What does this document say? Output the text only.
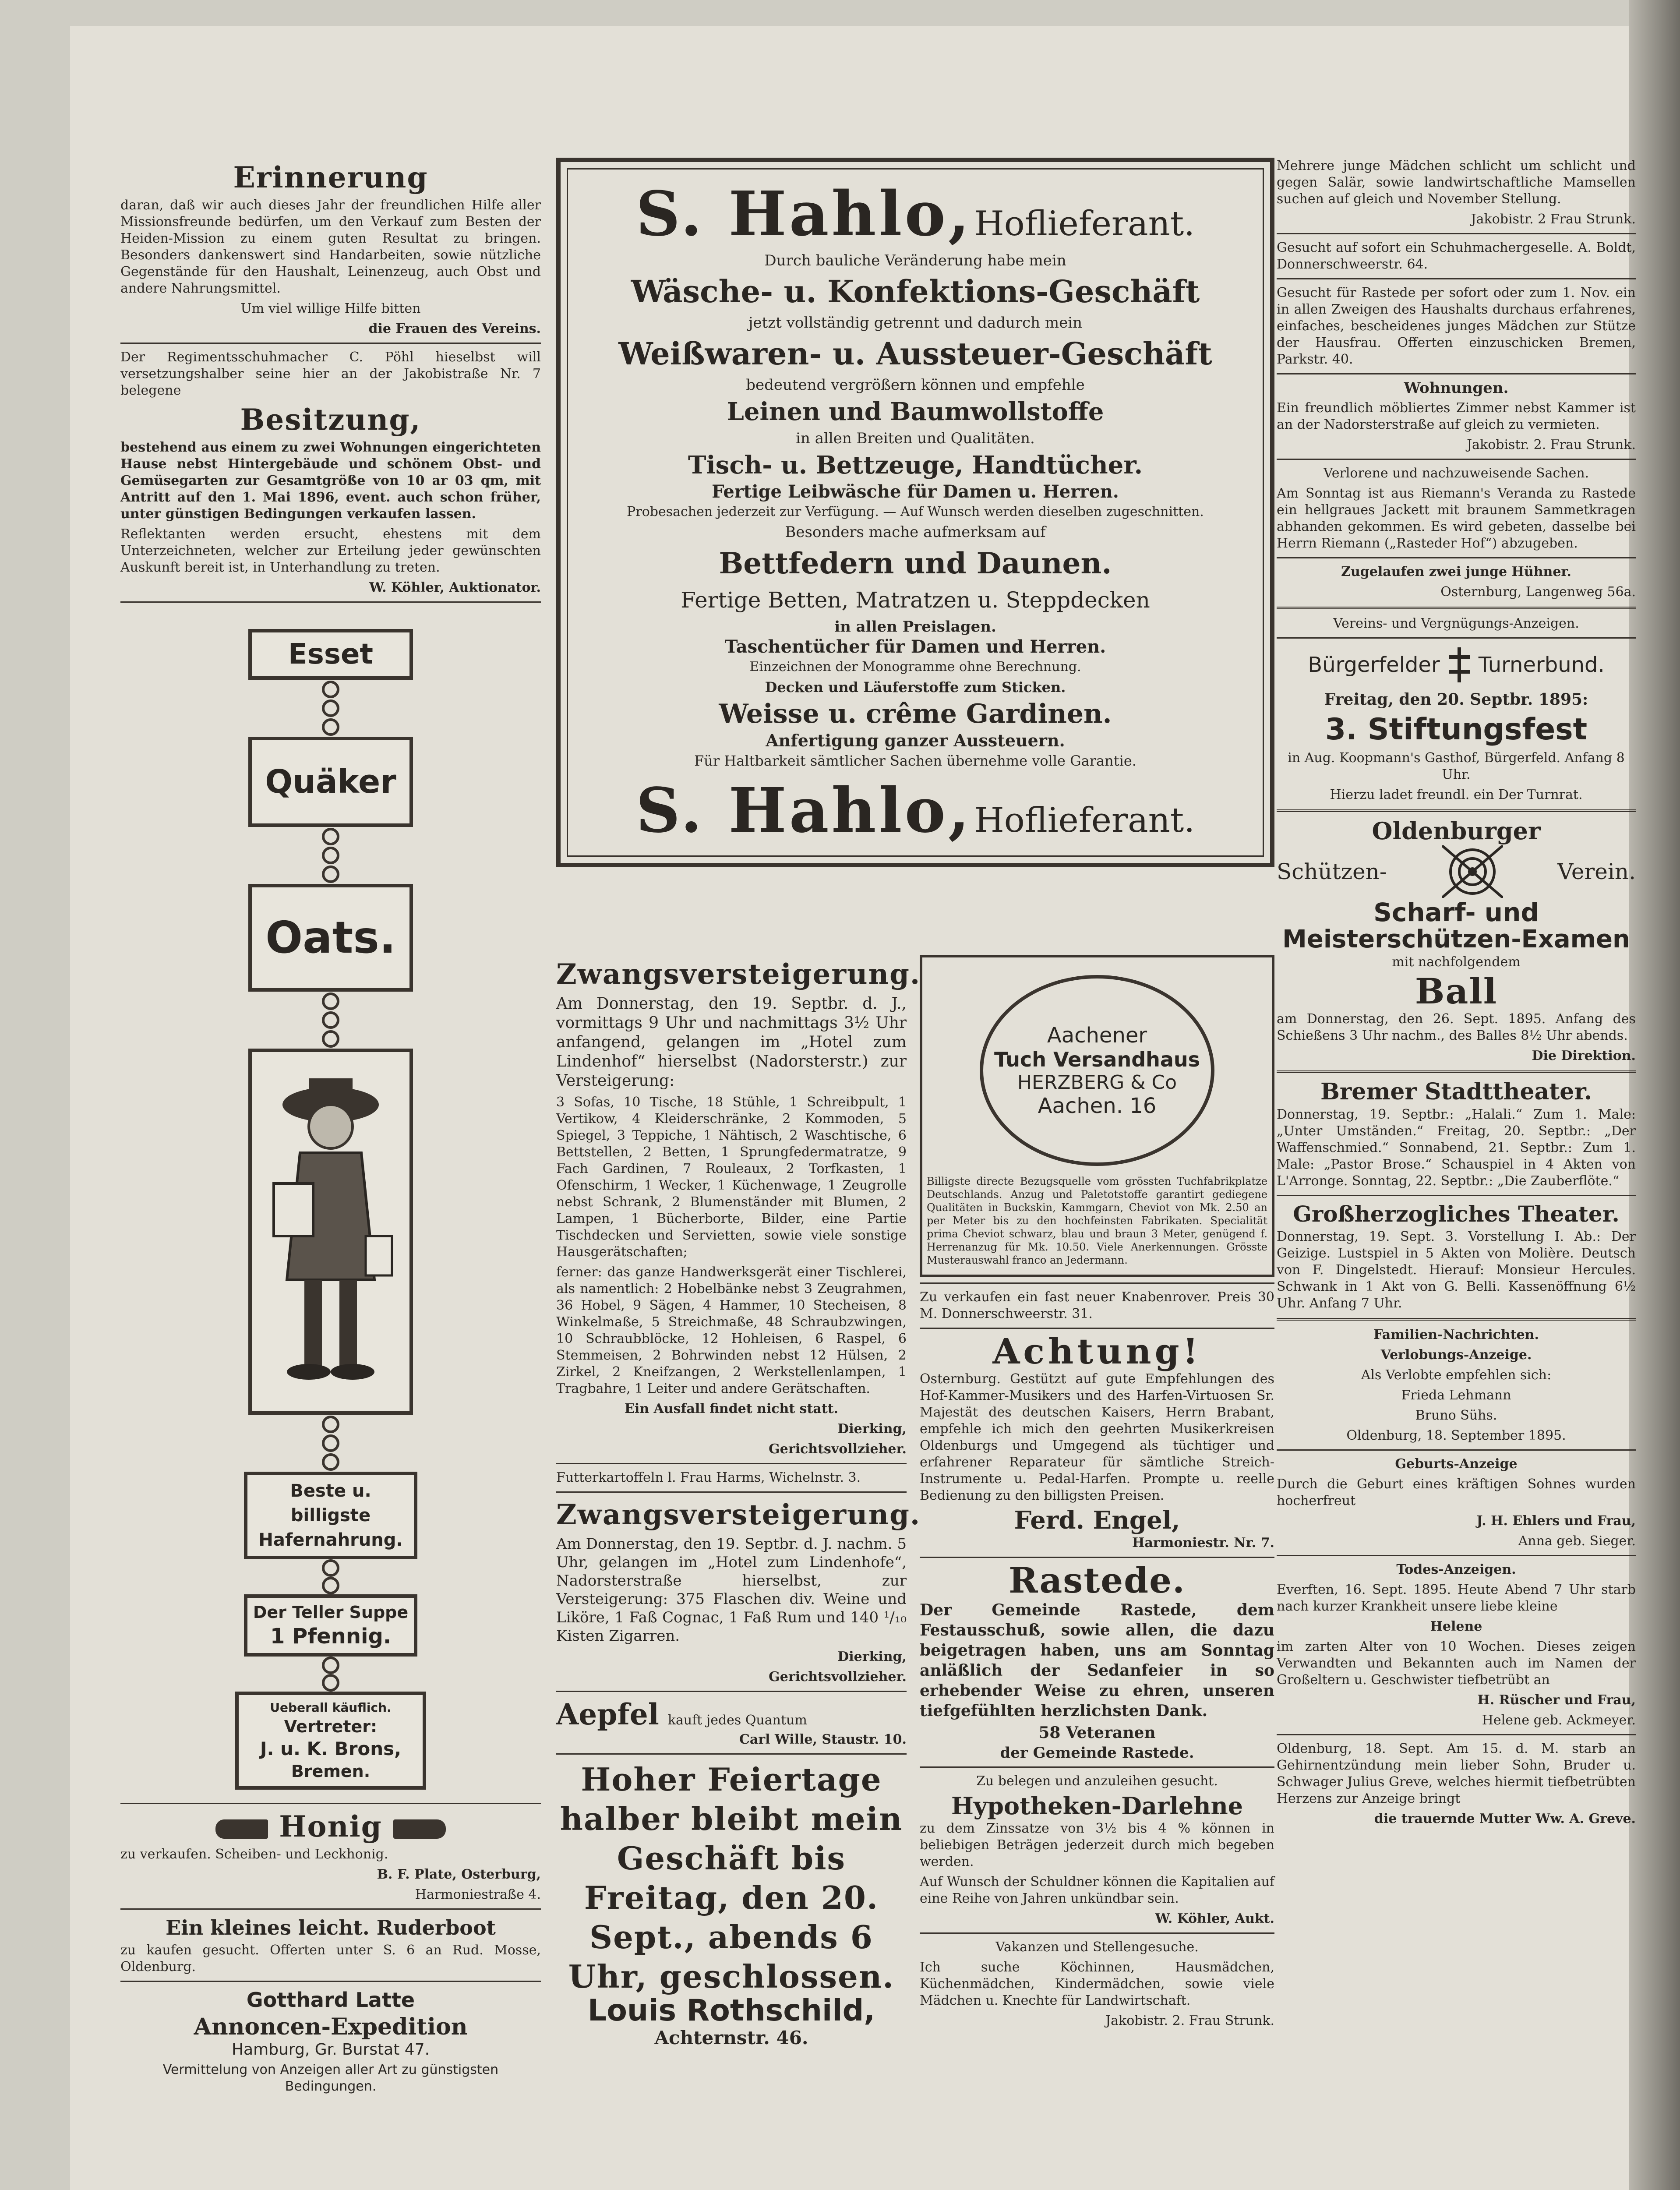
Erinnerung

daran, daß wir auch dieses Jahr der freundlichen Hilfe aller Missionsfreunde bedürfen, um den Verkauf zum Besten der Heiden-Mission zu einem guten Resultat zu bringen. Besonders dankenswert sind Handarbeiten, sowie nützliche Gegenstände für den Haushalt, Leinenzeug, auch Obst und andere Nahrungsmittel.

Um viel willige Hilfe bitten

die Frauen des Vereins.

Der Regimentsschuhmacher C. Pöhl hieselbst will versetzungshalber seine hier an der Jakobistraße Nr. 7 belegene

Besitzung,

bestehend aus einem zu zwei Wohnungen eingerichteten Hause nebst Hintergebäude und schönem Obst- und Gemüsegarten zur Gesamtgröße von 10 ar 03 qm, mit Antritt auf den 1. Mai 1896, event. auch schon früher, unter günstigen Bedingungen verkaufen lassen.

Reflektanten werden ersucht, ehestens mit dem Unterzeichneten, welcher zur Erteilung jeder gewünschten Auskunft bereit ist, in Unterhandlung zu treten.

W. Köhler, Auktionator.

Esset
Quäker
Oats.
Beste u. billigste Hafernahrung.
Der Teller Suppe
1 Pfennig.
Ueberall käuflich.
Vertreter:
J. u. K. Brons,
Bremen.
Honig

zu verkaufen. Scheiben- und Leckhonig.

B. F. Plate, Osterburg,

Harmoniestraße 4.

Ein kleines leicht. Ruderboot

zu kaufen gesucht. Offerten unter S. 6 an Rud. Mosse, Oldenburg.

Gotthard Latte
Annoncen-Expedition

Hamburg, Gr. Burstat 47.

Vermittelung von Anzeigen aller Art zu günstigsten Bedingungen.

S. Hahlo, Hoflieferant.
Durch bauliche Veränderung habe mein
Wäsche- u. Konfektions-Geschäft
jetzt vollständig getrennt und dadurch mein
Weißwaren- u. Aussteuer-Geschäft
bedeutend vergrößern können und empfehle
Leinen und Baumwollstoffe
in allen Breiten und Qualitäten.
Tisch- u. Bettzeuge, Handtücher.
Fertige Leibwäsche für Damen u. Herren.
Probesachen jederzeit zur Verfügung. — Auf Wunsch werden dieselben zugeschnitten.
Besonders mache aufmerksam auf
Bettfedern und Daunen.
Fertige Betten, Matratzen u. Steppdecken
in allen Preislagen.
Taschentücher für Damen und Herren.
Einzeichnen der Monogramme ohne Berechnung.
Decken und Läuferstoffe zum Sticken.
Weisse u. crême Gardinen.
Anfertigung ganzer Aussteuern.
Für Haltbarkeit sämtlicher Sachen übernehme volle Garantie.
S. Hahlo, Hoflieferant.
Zwangsversteigerung.

Am Donnerstag, den 19. Septbr. d. J., vormittags 9 Uhr und nachmittags 3½ Uhr anfangend, gelangen im „Hotel zum Lindenhof“ hierselbst (Nadorsterstr.) zur Versteigerung:

3 Sofas, 10 Tische, 18 Stühle, 1 Schreibpult, 1 Vertikow, 4 Kleiderschränke, 2 Kommoden, 5 Spiegel, 3 Teppiche, 1 Nähtisch, 2 Waschtische, 6 Bettstellen, 2 Betten, 1 Sprungfedermatratze, 9 Fach Gardinen, 7 Rouleaux, 2 Torfkasten, 1 Ofenschirm, 1 Wecker, 1 Küchenwage, 1 Zeugrolle nebst Schrank, 2 Blumenständer mit Blumen, 2 Lampen, 1 Bücherborte, Bilder, eine Partie Tischdecken und Servietten, sowie viele sonstige Hausgerätschaften;

ferner: das ganze Handwerksgerät einer Tischlerei, als namentlich: 2 Hobelbänke nebst 3 Zeugrahmen, 36 Hobel, 9 Sägen, 4 Hammer, 10 Stecheisen, 8 Winkelmaße, 5 Streichmaße, 48 Schraubzwingen, 10 Schraubblöcke, 12 Hohleisen, 6 Raspel, 6 Stemmeisen, 2 Bohrwinden nebst 12 Hülsen, 2 Zirkel, 2 Kneifzangen, 2 Werkstellenlampen, 1 Tragbahre, 1 Leiter und andere Gerätschaften.

Ein Ausfall findet nicht statt.

Dierking,

Gerichtsvollzieher.

Futterkartoffeln l. Frau Harms, Wichelnstr. 3.

Zwangsversteigerung.

Am Donnerstag, den 19. Septbr. d. J. nachm. 5 Uhr, gelangen im „Hotel zum Lindenhofe“, Nadorsterstraße hierselbst, zur Versteigerung: 375 Flaschen div. Weine und Liköre, 1 Faß Cognac, 1 Faß Rum und 140 ¹/₁₀ Kisten Zigarren.

Dierking,

Gerichtsvollzieher.

Aepfel kauft jedes Quantum

Carl Wille, Staustr. 10.

Hoher Feiertage halber bleibt mein Geschäft bis Freitag, den 20. Sept., abends 6 Uhr, geschlossen.
Louis Rothschild,
Achternstr. 46.
Aachener
Tuch Versandhaus
HERZBERG & Co
Aachen. 16

Billigste directe Bezugsquelle vom grössten Tuchfabrikplatze Deutschlands. Anzug und Paletotstoffe garantirt gediegene Qualitäten in Buckskin, Kammgarn, Cheviot von Mk. 2.50 an per Meter bis zu den hochfeinsten Fabrikaten. Specialität prima Cheviot schwarz, blau und braun 3 Meter, genügend f. Herrenanzug für Mk. 10.50. Viele Anerkennungen. Grösste Musterauswahl franco an Jedermann.

Zu verkaufen ein fast neuer Knabenrover. Preis 30 M. Donnerschweerstr. 31.

Achtung!

Osternburg. Gestützt auf gute Empfehlungen des Hof-Kammer-Musikers und des Harfen-Virtuosen Sr. Majestät des deutschen Kaisers, Herrn Brabant, empfehle ich mich den geehrten Musikerkreisen Oldenburgs und Umgegend als tüchtiger und erfahrener Reparateur für sämtliche Streich-Instrumente u. Pedal-Harfen. Prompte u. reelle Bedienung zu den billigsten Preisen.

Ferd. Engel,

Harmoniestr. Nr. 7.

Rastede.

Der Gemeinde Rastede, dem Festausschuß, sowie allen, die dazu beigetragen haben, uns am Sonntag anläßlich der Sedanfeier in so erhebender Weise zu ehren, unseren tiefgefühlten herzlichsten Dank.

58 Veteranen

der Gemeinde Rastede.

Zu belegen und anzuleihen gesucht.

Hypotheken-Darlehne

zu dem Zinssatze von 3½ bis 4 % können in beliebigen Beträgen jederzeit durch mich begeben werden.

Auf Wunsch der Schuldner können die Kapitalien auf eine Reihe von Jahren unkündbar sein.

W. Köhler, Aukt.

Vakanzen und Stellengesuche.

Ich suche Köchinnen, Hausmädchen, Küchenmädchen, Kindermädchen, sowie viele Mädchen u. Knechte für Landwirtschaft.

Jakobistr. 2. Frau Strunk.

Mehrere junge Mädchen schlicht um schlicht und gegen Salär, sowie landwirtschaftliche Mamsellen suchen auf gleich und November Stellung.

Jakobistr. 2 Frau Strunk.

Gesucht auf sofort ein Schuhmachergeselle. A. Boldt, Donnerschweerstr. 64.

Gesucht für Rastede per sofort oder zum 1. Nov. ein in allen Zweigen des Haushalts durchaus erfahrenes, einfaches, bescheidenes junges Mädchen zur Stütze der Hausfrau. Offerten einzuschicken Bremen, Parkstr. 40.

Wohnungen.

Ein freundlich möbliertes Zimmer nebst Kammer ist an der Nadorsterstraße auf gleich zu vermieten.

Jakobistr. 2. Frau Strunk.

Verlorene und nachzuweisende Sachen.

Am Sonntag ist aus Riemann's Veranda zu Rastede ein hellgraues Jackett mit braunem Sammetkragen abhanden gekommen. Es wird gebeten, dasselbe bei Herrn Riemann („Rasteder Hof“) abzugeben.

Zugelaufen zwei junge Hühner.

Osternburg, Langenweg 56a.

Vereins- und Vergnügungs-Anzeigen.

Bürgerfelder Turnerbund.

Freitag, den 20. Septbr. 1895:

3. Stiftungsfest

in Aug. Koopmann's Gasthof, Bürgerfeld. Anfang 8 Uhr.

Hierzu ladet freundl. ein Der Turnrat.

Oldenburger
Schützen-	Verein.
Scharf- und
Meisterschützen-Examen

mit nachfolgendem

Ball

am Donnerstag, den 26. Sept. 1895. Anfang des Schießens 3 Uhr nachm., des Balles 8½ Uhr abends.

Die Direktion.

Bremer Stadttheater.

Donnerstag, 19. Septbr.: „Halali.“ Zum 1. Male: „Unter Umständen.“ Freitag, 20. Septbr.: „Der Waffenschmied.“ Sonnabend, 21. Septbr.: Zum 1. Male: „Pastor Brose.“ Schauspiel in 4 Akten von L'Arronge. Sonntag, 22. Septbr.: „Die Zauberflöte.“

Großherzogliches Theater.

Donnerstag, 19. Sept. 3. Vorstellung I. Ab.: Der Geizige. Lustspiel in 5 Akten von Molière. Deutsch von F. Dingelstedt. Hierauf: Monsieur Hercules. Schwank in 1 Akt von G. Belli. Kassenöffnung 6½ Uhr. Anfang 7 Uhr.

Familien-Nachrichten.

Verlobungs-Anzeige.

Als Verlobte empfehlen sich:

Frieda Lehmann

Bruno Sühs.

Oldenburg, 18. September 1895.

Geburts-Anzeige

Durch die Geburt eines kräftigen Sohnes wurden hocherfreut

J. H. Ehlers und Frau,

Anna geb. Sieger.

Todes-Anzeigen.

Everften, 16. Sept. 1895. Heute Abend 7 Uhr starb nach kurzer Krankheit unsere liebe kleine

Helene

im zarten Alter von 10 Wochen. Dieses zeigen Verwandten und Bekannten auch im Namen der Großeltern u. Geschwister tiefbetrübt an

H. Rüscher und Frau,

Helene geb. Ackmeyer.

Oldenburg, 18. Sept. Am 15. d. M. starb an Gehirnentzündung mein lieber Sohn, Bruder u. Schwager Julius Greve, welches hiermit tiefbetrübten Herzens zur Anzeige bringt

die trauernde Mutter Ww. A. Greve.
